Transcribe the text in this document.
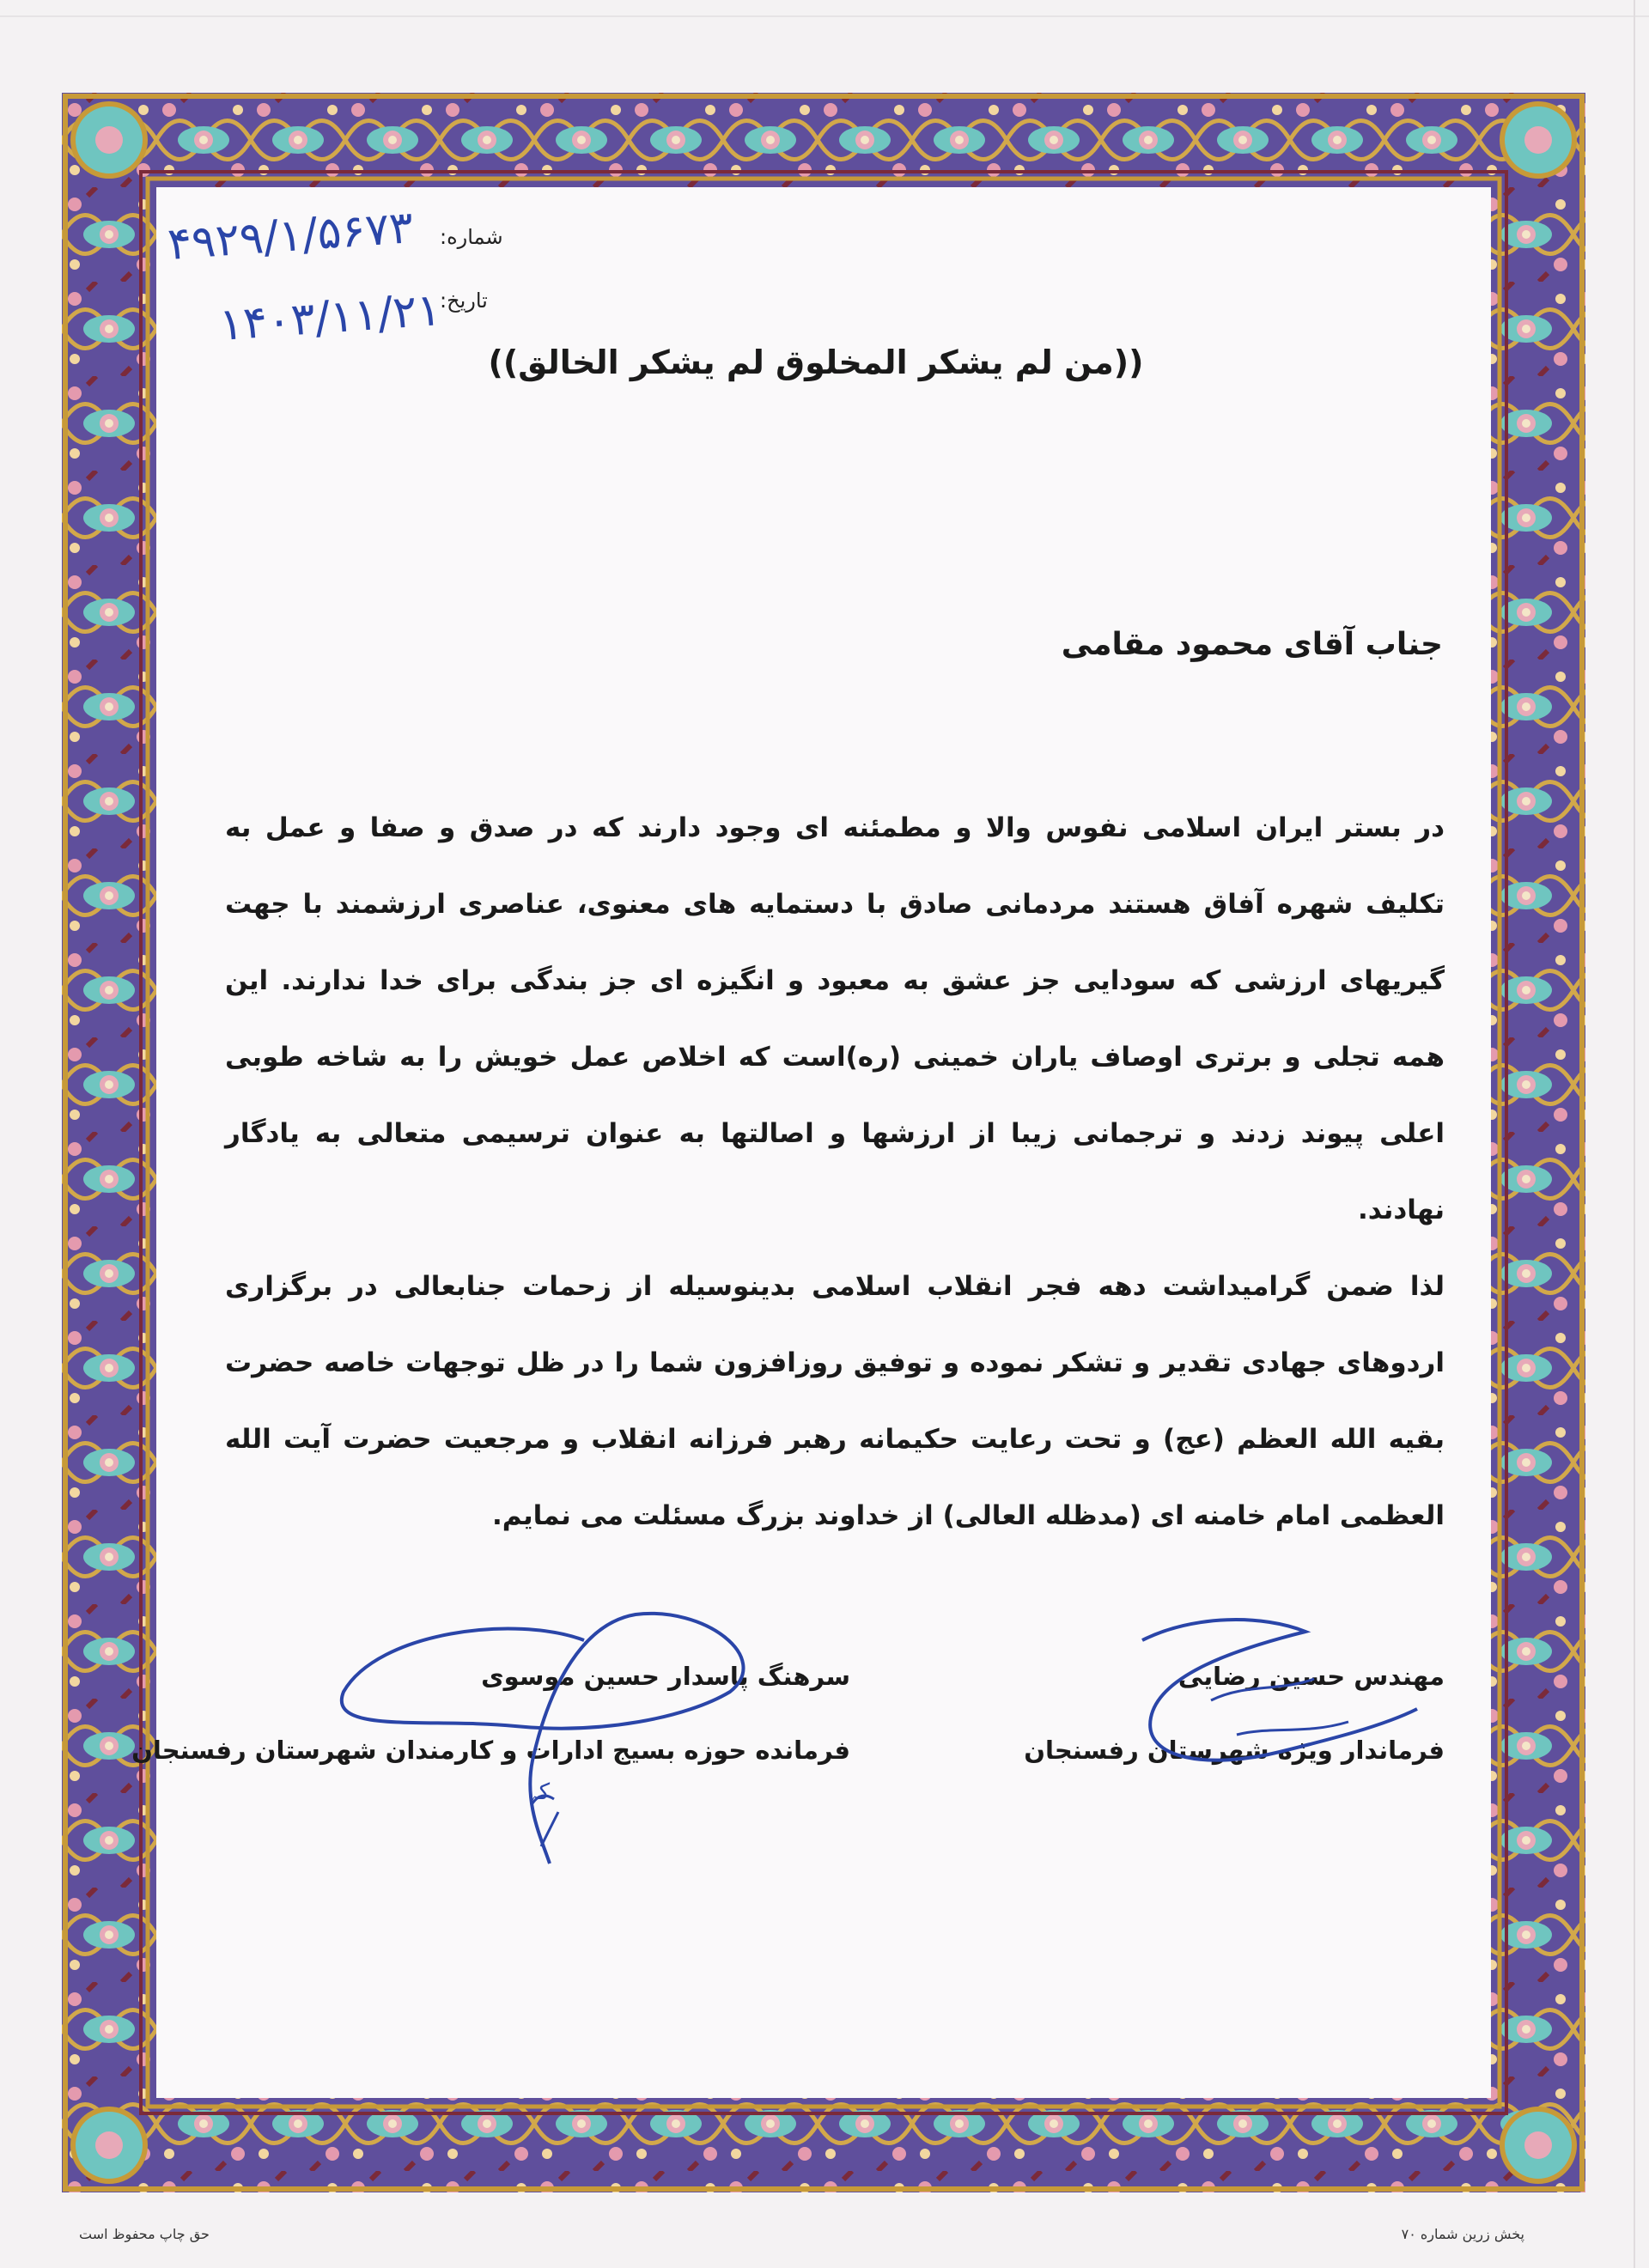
شماره:
۴۹۲۹/۱/۵۶۷۳
تاریخ:
۱۴۰۳/۱۱/۲۱
((من لم یشکر المخلوق لم یشکر الخالق))
جناب آقای محمود مقامی

در بستر ایران اسلامی نفوس والا و مطمئنه ای وجود دارند که در صدق و صفا و عمل به تکلیف شهره آفاق هستند مردمانی صادق با دستمایه های معنوی، عناصری ارزشمند با جهت گیریهای ارزشی که سودایی جز عشق به معبود و انگیزه ای جز بندگی برای خدا ندارند. این همه تجلی و برتری اوصاف یاران خمینی (ره)است که اخلاص عمل خویش را به شاخه طوبی اعلی پیوند زدند و ترجمانی زیبا از ارزشها و اصالتها به عنوان ترسیمی متعالی به یادگار نهادند.

لذا ضمن گرامیداشت دهه فجر انقلاب اسلامی بدینوسیله از زحمات جنابعالی در برگزاری اردوهای جهادی تقدیر و تشکر نموده و توفیق روزافزون شما را در ظل توجهات خاصه حضرت بقیه الله العظم (عج) و تحت رعایت حکیمانه رهبر فرزانه انقلاب و مرجعیت حضرت آیت الله العظمی امام خامنه ای (مدظله العالی) از خداوند بزرگ مسئلت می نمایم.

سرهنگ پاسدار حسین موسوی
فرمانده حوزه بسیج ادارات و کارمندان شهرستان رفسنجان
مهندس حسین رضایی
فرماندار ویژه شهرستان رفسنجان
ﮐﮧ
حق چاپ محفوظ است	پخش زرین شماره ۷۰
